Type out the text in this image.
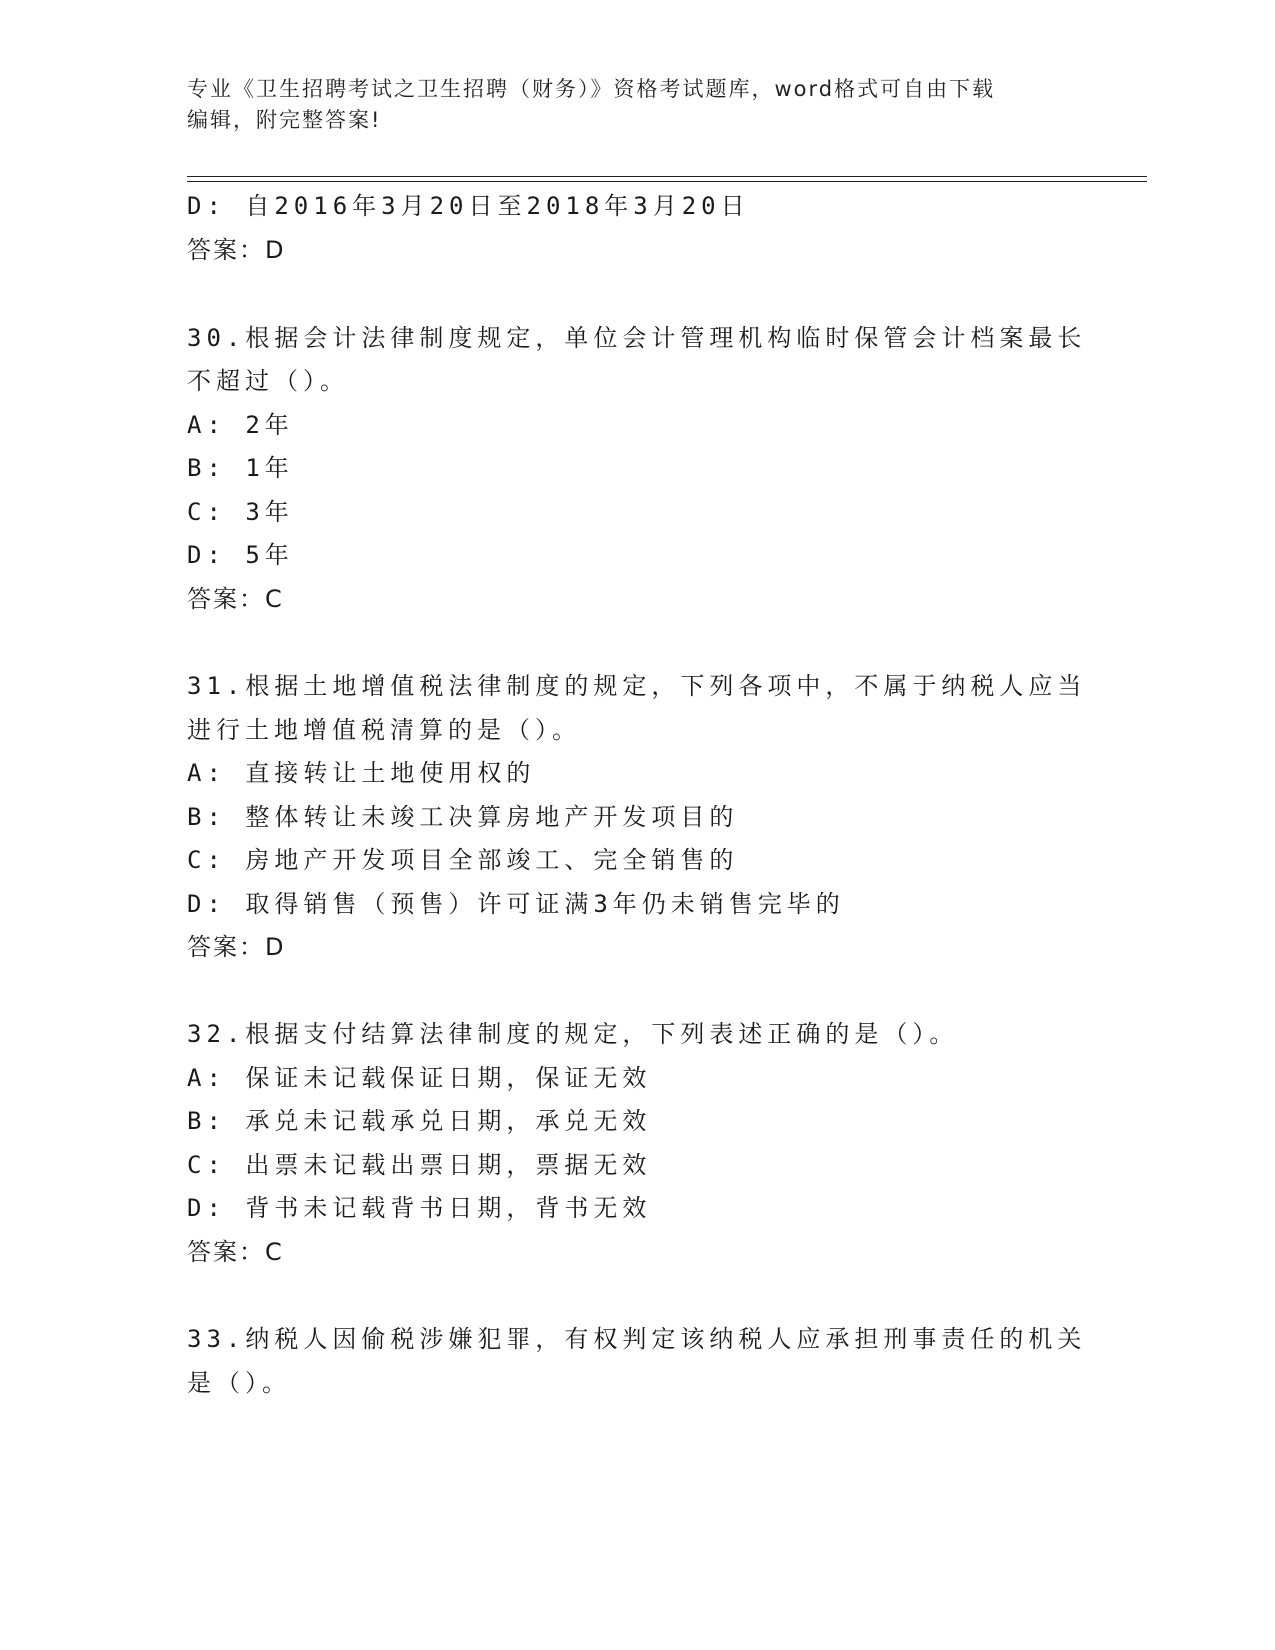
专业《卫生招聘考试之卫生招聘（财务）》资格考试题库，word格式可自由下载
编辑，附完整答案!
D: 自2016年3月20日至2018年3月20日
答案：D
30.根据会计法律制度规定，单位会计管理机构临时保管会计档案最长
不超过（）。
A: 2年
B: 1年
C: 3年
D: 5年
答案：C
31.根据土地增值税法律制度的规定，下列各项中，不属于纳税人应当
进行土地增值税清算的是（）。
A: 直接转让土地使用权的
B: 整体转让未竣工决算房地产开发项目的
C: 房地产开发项目全部竣工、完全销售的
D: 取得销售（预售）许可证满3年仍未销售完毕的
答案：D
32.根据支付结算法律制度的规定，下列表述正确的是（）。
A: 保证未记载保证日期，保证无效
B: 承兑未记载承兑日期，承兑无效
C: 出票未记载出票日期，票据无效
D: 背书未记载背书日期，背书无效
答案：C
33.纳税人因偷税涉嫌犯罪，有权判定该纳税人应承担刑事责任的机关
是（）。
